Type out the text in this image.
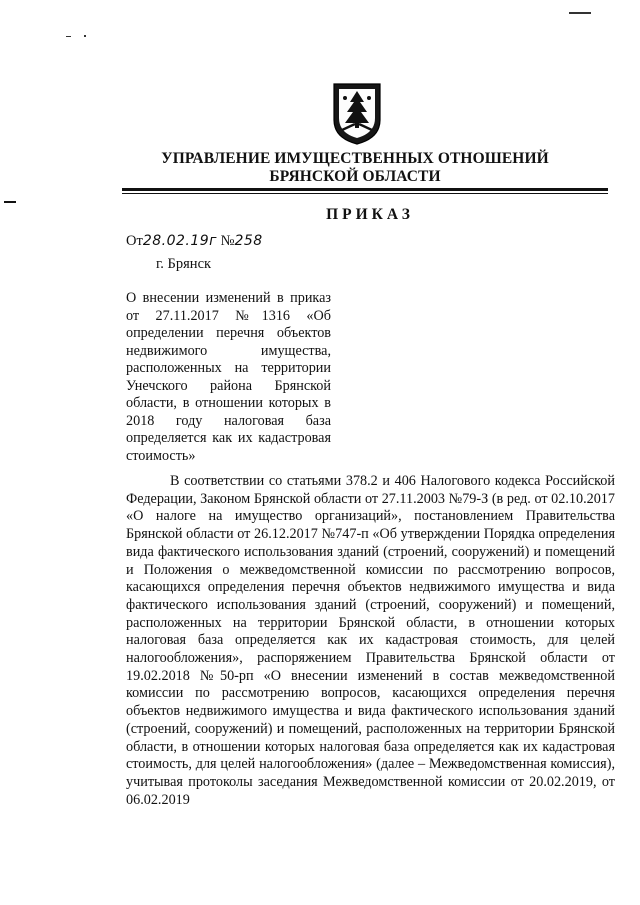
УПРАВЛЕНИЕ ИМУЩЕСТВЕННЫХ ОТНОШЕНИЙ
БРЯНСКОЙ ОБЛАСТИ
ПРИКАЗ
От28.02.19г №258
г. Брянск
О внесении изменений в приказ от 27.11.2017 №1316 «Об определении перечня объектов недвижимого имущества, расположенных на территории Унечского района Брянской области, в отношении которых в 2018 году налоговая база определяется как их кадастровая стоимость»
В соответствии со статьями 378.2 и 406 Налогового кодекса Российской Федерации, Законом Брянской области от 27.11.2003 №79-З (в ред. от 02.10.2017 «О налоге на имущество организаций», постановлением Правительства Брянской области от 26.12.2017 №747-п «Об утверждении Порядка определения вида фактического использования зданий (строений, сооружений) и помещений и Положения о межведомственной комиссии по рассмотрению вопросов, касающихся определения перечня объектов недвижимого имущества и вида фактического использования зданий (строений, сооружений) и помещений, расположенных на территории Брянской области, в отношении которых налоговая база определяется как их кадастровая стоимость, для целей налогообложения», распоряжением Правительства Брянской области от 19.02.2018 №50-рп «О внесении изменений в состав межведомственной комиссии по рассмотрению вопросов, касающихся определения перечня объектов недвижимого имущества и вида фактического использования зданий (строений, сооружений) и помещений, расположенных на территории Брянской области, в отношении которых налоговая база определяется как их кадастровая стоимость, для целей налогообложения» (далее – Межведомственная комиссия), учитывая протоколы заседания Межведомственной комиссии от 20.02.2019, от 06.02.2019
